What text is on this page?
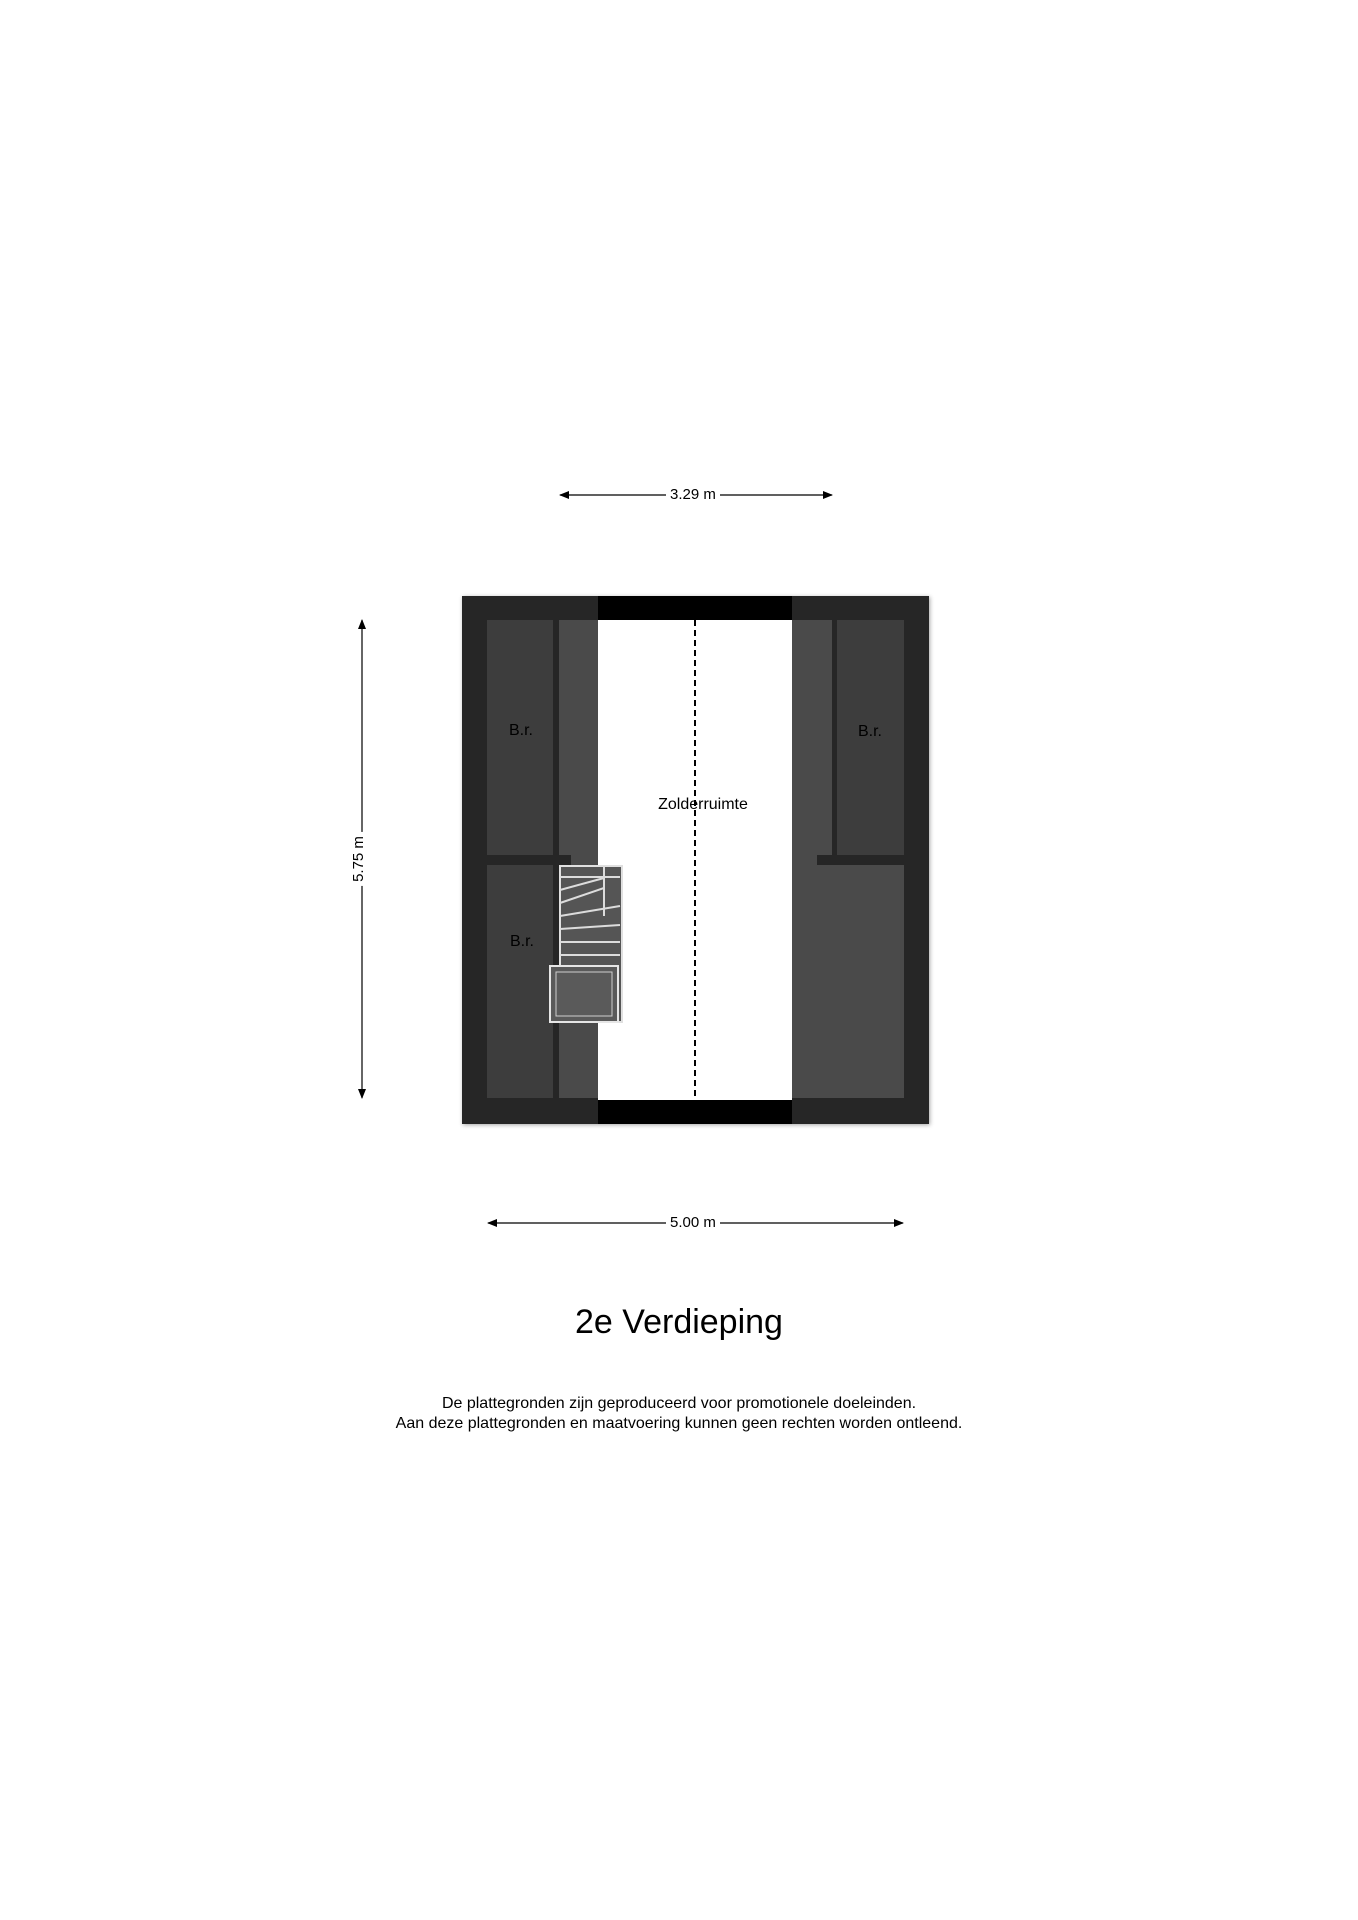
3.29 m
5.00 m
5.75 m
B.r.
B.r.
B.r.
Zolderruimte
2e Verdieping
De plattegronden zijn geproduceerd voor promotionele doeleinden.
Aan deze plattegronden en maatvoering kunnen geen rechten worden ontleend.
